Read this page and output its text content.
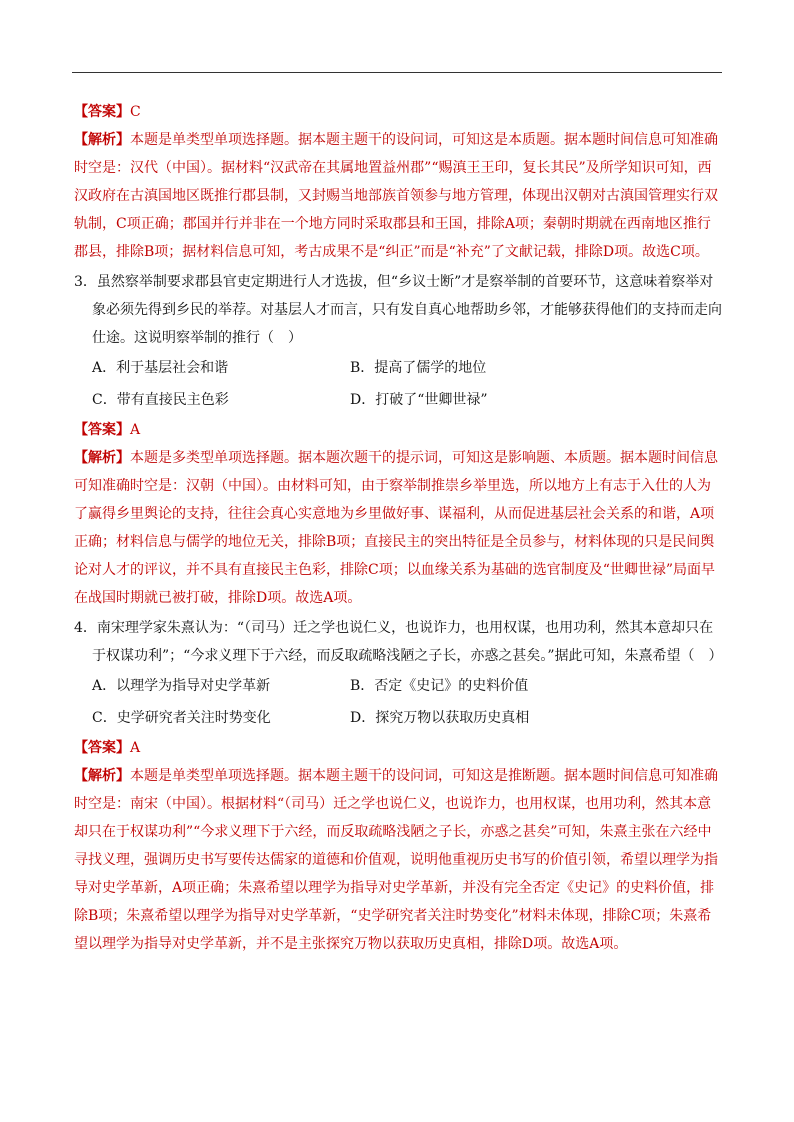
【答案】C

【解析】本题是单类型单项选择题。据本题主题干的设问词，可知这是本质题。据本题时间信息可知准确时空是：汉代（中国）。据材料“汉武帝在其属地置益州郡”“赐滇王王印，复长其民”及所学知识可知，西汉政府在古滇国地区既推行郡县制，又封赐当地部族首领参与地方管理，体现出汉朝对古滇国管理实行双轨制，C项正确；郡国并行并非在一个地方同时采取郡县和王国，排除A项；秦朝时期就在西南地区推行郡县，排除B项；据材料信息可知，考古成果不是“纠正”而是“补充”了文献记载，排除D项。故选C项。

3．虽然察举制要求郡县官吏定期进行人才选拔，但“乡议士断”才是察举制的首要环节，这意味着察举对象必须先得到乡民的举荐。对基层人才而言，只有发自真心地帮助乡邻，才能够获得他们的支持而走向仕途。这说明察举制的推行（　）

A．利于基层社会和谐	B．提高了儒学的地位
C．带有直接民主色彩	D．打破了“世卿世禄”

【答案】A

【解析】本题是多类型单项选择题。据本题次题干的提示词，可知这是影响题、本质题。据本题时间信息可知准确时空是：汉朝（中国）。由材料可知，由于察举制推崇乡举里选，所以地方上有志于入仕的人为了赢得乡里舆论的支持，往往会真心实意地为乡里做好事、谋福利，从而促进基层社会关系的和谐，A项正确；材料信息与儒学的地位无关，排除B项；直接民主的突出特征是全员参与，材料体现的只是民间舆论对人才的评议，并不具有直接民主色彩，排除C项；以血缘关系为基础的选官制度及“世卿世禄”局面早在战国时期就已被打破，排除D项。故选A项。

4．南宋理学家朱熹认为：“（司马）迁之学也说仁义，也说诈力，也用权谋，也用功利，然其本意却只在于权谋功利”；“今求义理下于六经，而反取疏略浅陋之子长，亦惑之甚矣。”据此可知，朱熹希望（　）

A．以理学为指导对史学革新	B．否定《史记》的史料价值
C．史学研究者关注时势变化	D．探究万物以获取历史真相

【答案】A

【解析】本题是单类型单项选择题。据本题主题干的设问词，可知这是推断题。据本题时间信息可知准确时空是：南宋（中国）。根据材料“（司马）迁之学也说仁义，也说诈力，也用权谋，也用功利，然其本意却只在于权谋功利”“今求义理下于六经，而反取疏略浅陋之子长，亦惑之甚矣”可知，朱熹主张在六经中寻找义理，强调历史书写要传达儒家的道德和价值观，说明他重视历史书写的价值引领，希望以理学为指导对史学革新，A项正确；朱熹希望以理学为指导对史学革新，并没有完全否定《史记》的史料价值，排除B项；朱熹希望以理学为指导对史学革新，“史学研究者关注时势变化”材料未体现，排除C项；朱熹希望以理学为指导对史学革新，并不是主张探究万物以获取历史真相，排除D项。故选A项。
